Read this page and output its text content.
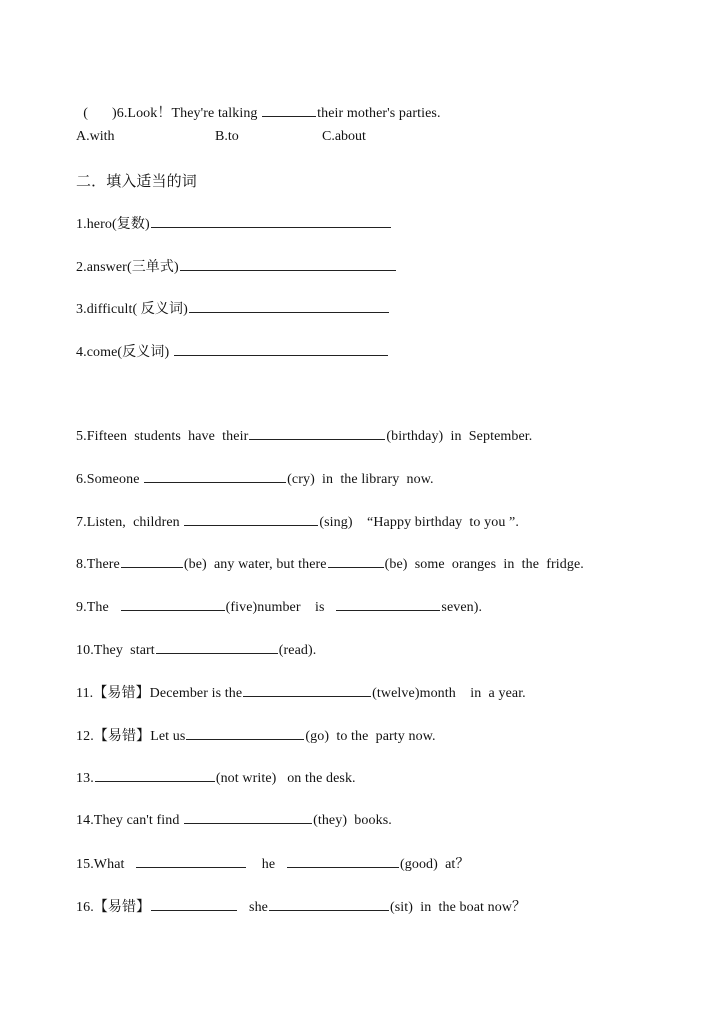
( )6.Look！They're talking	their mother's parties.

A.with	B.to	C.about
二．填入适当的词
1.hero(复数)
2.answer(三单式)
3.difficult( 反义词)
4.come(反义词)
5.Fifteen  students  have  their	(birthday)  in  September.
6.Someone	(cry)  in  the library  now.
7.Listen,  children	(sing)    “Happy birthday  to you ”.
8.There	(be)  any water, but there	(be)  some  oranges  in  the  fridge.
9.The	(five)number    is	seven).
10.They  start	(read).
11.【易错】December is the	(twelve)month    in  a year.
12.【易错】Let us	(go)  to the  party now.
13.	(not write)   on the desk.
14.They can't find	(they)  books.
15.What	he	(good)  at？
16.【易错】	she	(sit)  in  the boat now？
